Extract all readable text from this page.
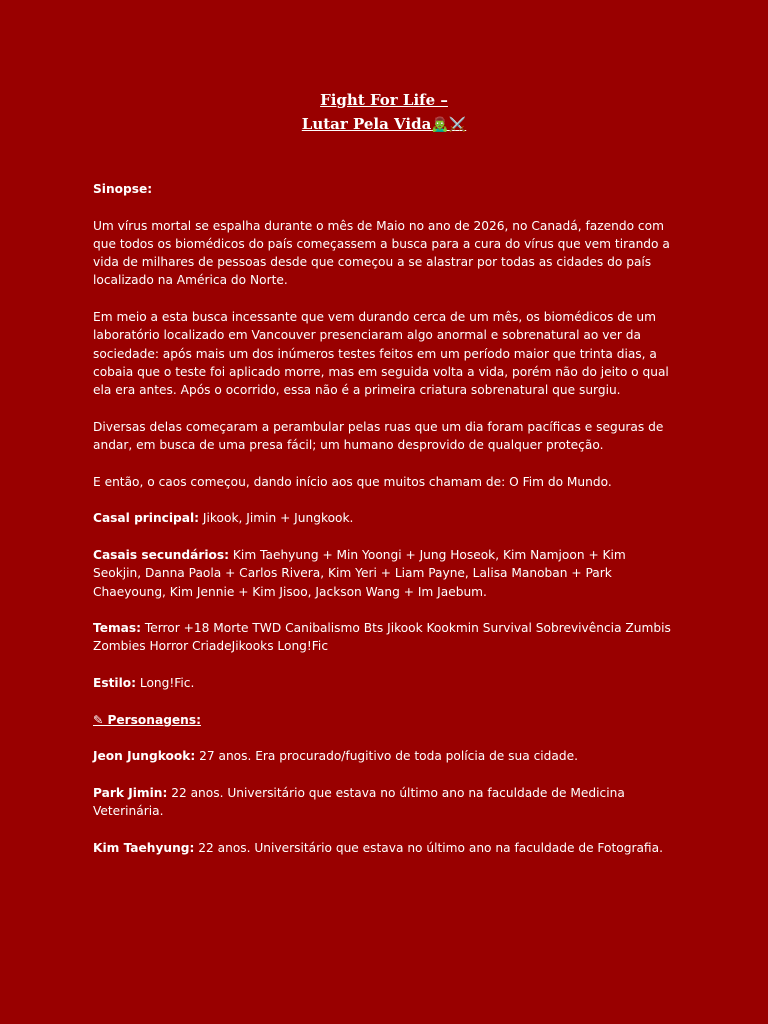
Fight For Life –
Lutar Pela Vida🧟‍♂️⚔️

Sinopse:

Um vírus mortal se espalha durante o mês de Maio no ano de 2026, no Canadá, fazendo com que todos os biomédicos do país começassem a busca para a cura do vírus que vem tirando a vida de milhares de pessoas desde que começou a se alastrar por todas as cidades do país localizado na América do Norte.

Em meio a esta busca incessante que vem durando cerca de um mês, os biomédicos de um laboratório localizado em Vancouver presenciaram algo anormal e sobrenatural ao ver da sociedade: após mais um dos inúmeros testes feitos em um período maior que trinta dias, a cobaia que o teste foi aplicado morre, mas em seguida volta a vida, porém não do jeito o qual ela era antes. Após o ocorrido, essa não é a primeira criatura sobrenatural que surgiu.

Diversas delas começaram a perambular pelas ruas que um dia foram pacíficas e seguras de andar, em busca de uma presa fácil; um humano desprovido de qualquer proteção.

E então, o caos começou, dando início aos que muitos chamam de: O Fim do Mundo.

Casal principal: Jikook, Jimin + Jungkook.

Casais secundários: Kim Taehyung + Min Yoongi + Jung Hoseok, Kim Namjoon + Kim Seokjin, Danna Paola + Carlos Rivera, Kim Yeri + Liam Payne, Lalisa Manoban + Park Chaeyoung, Kim Jennie + Kim Jisoo, Jackson Wang + Im Jaebum.

Temas: Terror +18 Morte TWD Canibalismo Bts Jikook Kookmin Survival Sobrevivência Zumbis Zombies Horror CriadeJikooks Long!Fic

Estilo: Long!Fic.

✎ Personagens:

Jeon Jungkook: 27 anos. Era procurado/fugitivo de toda polícia de sua cidade.

Park Jimin: 22 anos. Universitário que estava no último ano na faculdade de Medicina Veterinária.

Kim Taehyung: 22 anos. Universitário que estava no último ano na faculdade de Fotografia.
